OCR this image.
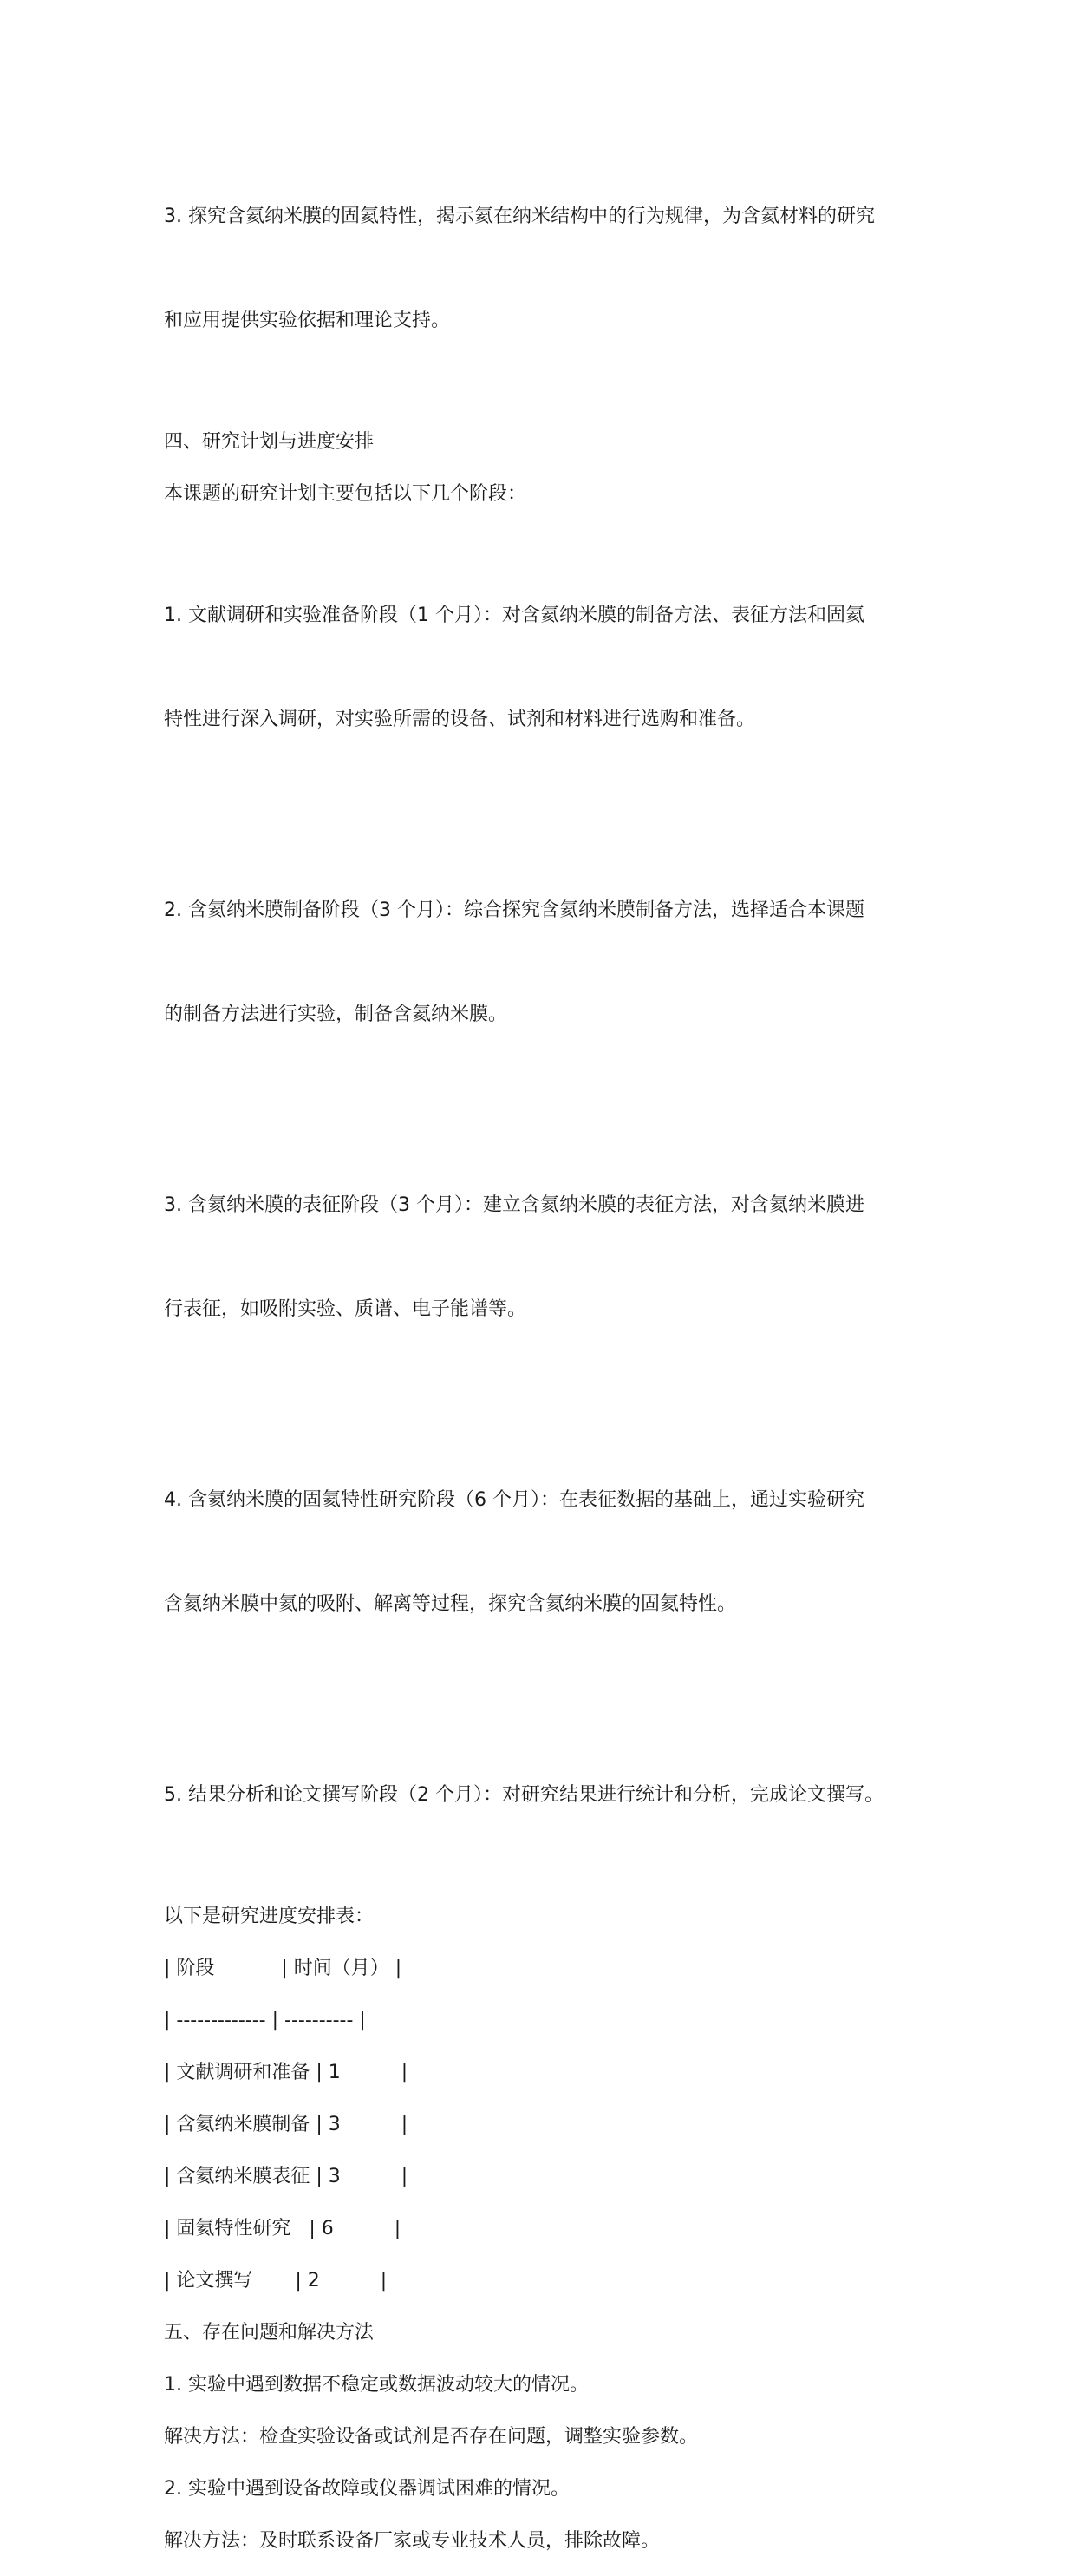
3. 探究含氦纳米膜的固氦特性，揭示氦在纳米结构中的行为规律，为含氦材料的研究

和应用提供实验依据和理论支持。

四、研究计划与进度安排
本课题的研究计划主要包括以下几个阶段：

1. 文献调研和实验准备阶段（1 个月）：对含氦纳米膜的制备方法、表征方法和固氦

特性进行深入调研，对实验所需的设备、试剂和材料进行选购和准备。

2. 含氦纳米膜制备阶段（3 个月）：综合探究含氦纳米膜制备方法，选择适合本课题

的制备方法进行实验，制备含氦纳米膜。

3. 含氦纳米膜的表征阶段（3 个月）：建立含氦纳米膜的表征方法，对含氦纳米膜进

行表征，如吸附实验、质谱、电子能谱等。

4. 含氦纳米膜的固氦特性研究阶段（6 个月）：在表征数据的基础上，通过实验研究

含氦纳米膜中氦的吸附、解离等过程，探究含氦纳米膜的固氦特性。

5. 结果分析和论文撰写阶段（2 个月）：对研究结果进行统计和分析，完成论文撰写。

以下是研究进度安排表：
| 阶段           | 时间（月） |
| ------------- | ---------- |
| 文献调研和准备 | 1          |
| 含氦纳米膜制备 | 3          |
| 含氦纳米膜表征 | 3          |
| 固氦特性研究   | 6          |
| 论文撰写       | 2          |
五、存在问题和解决方法
1. 实验中遇到数据不稳定或数据波动较大的情况。
解决方法：检查实验设备或试剂是否存在问题，调整实验参数。
2. 实验中遇到设备故障或仪器调试困难的情况。
解决方法：及时联系设备厂家或专业技术人员，排除故障。
